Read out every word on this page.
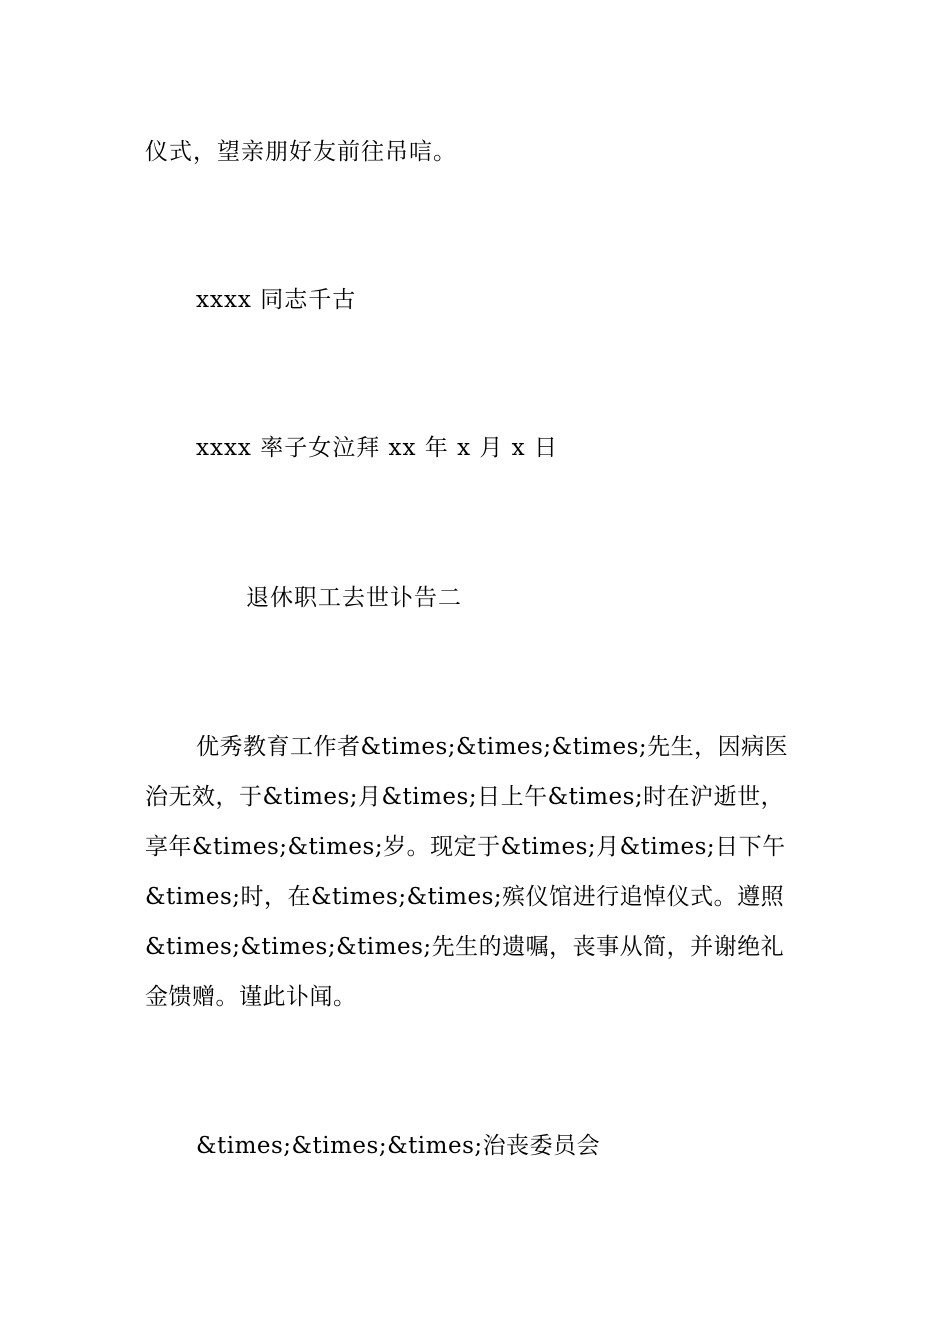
仪式，望亲朋好友前往吊唁。
xxxx 同志千古
xxxx 率子女泣拜 xx 年 x 月 x 日
退休职工去世讣告二
优秀教育工作者&times;&times;&times;先生，因病医
治无效，于&times;月&times;日上午&times;时在沪逝世，
享年&times;&times;岁。现定于&times;月&times;日下午
&times;时，在&times;&times;殡仪馆进行追悼仪式。遵照
&times;&times;&times;先生的遗嘱，丧事从简，并谢绝礼
金馈赠。谨此讣闻。
&times;&times;&times;治丧委员会
